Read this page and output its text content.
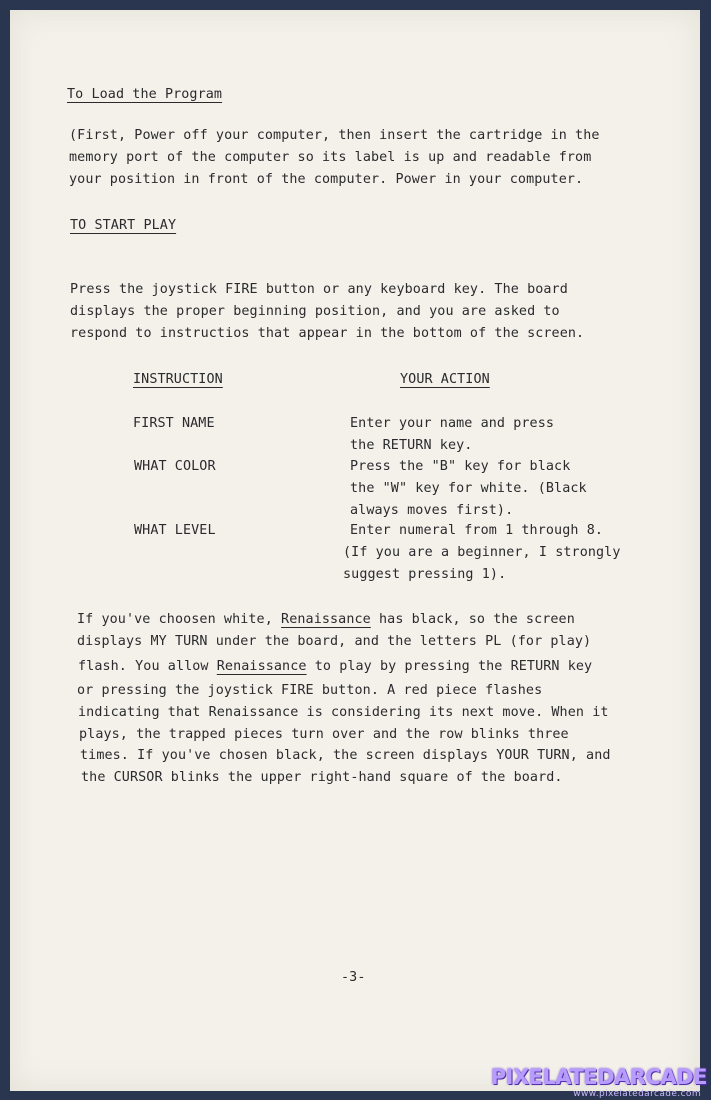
To Load the Program
(First, Power off your computer, then insert the cartridge in the
memory port of the computer so its label is up and readable from
your position in front of the computer. Power in your computer.
TO START PLAY
Press the joystick FIRE button or any keyboard key. The board
displays the proper beginning position, and you are asked to
respond to instructios that appear in the bottom of the screen.
INSTRUCTION	YOUR ACTION
FIRST NAME	Enter your name and press
the RETURN key.
WHAT COLOR	Press the "B" key for black
the "W" key for white. (Black
always moves first).
WHAT LEVEL	Enter numeral from 1 through 8.
(If you are a beginner, I strongly
suggest pressing 1).
If you've choosen white, Renaissance has black, so the screen
displays MY TURN under the board, and the letters PL (for play)
flash. You allow Renaissance to play by pressing the RETURN key
or pressing the joystick FIRE button. A red piece flashes
indicating that Renaissance is considering its next move. When it
plays, the trapped pieces turn over and the row blinks three
times. If you've chosen black, the screen displays YOUR TURN, and
the CURSOR blinks the upper right-hand square of the board.
-3-
PIXELATEDARCADE
www.pixelatedarcade.com
